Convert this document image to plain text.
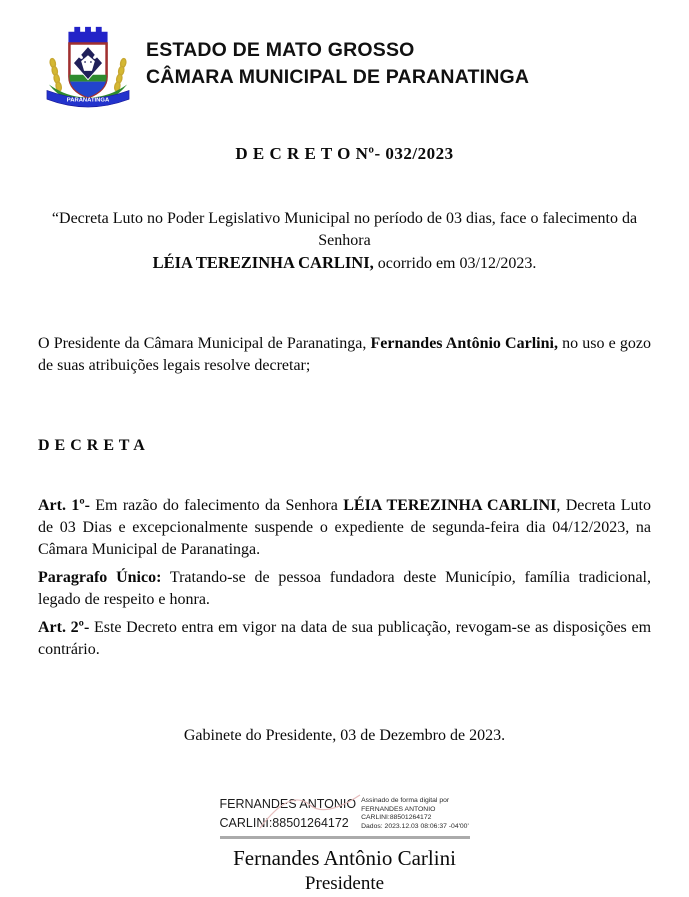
PARANATINGA
ESTADO DE MATO GROSSO
CÂMARA MUNICIPAL DE PARANATINGA
D E C R E T O Nº- 032/2023

“Decreta Luto no Poder Legislativo Municipal no período de 03 dias, face o falecimento da Senhora
LÉIA TEREZINHA CARLINI, ocorrido em 03/12/2023.

O Presidente da Câmara Municipal de Paranatinga, Fernandes Antônio Carlini, no uso e gozo de suas atribuições legais resolve decretar;

D E C R E T A

Art. 1º- Em razão do falecimento da Senhora LÉIA TEREZINHA CARLINI, Decreta Luto de 03 Dias e excepcionalmente suspende o expediente de segunda-feira dia 04/12/2023, na Câmara Municipal de Paranatinga.

Paragrafo Único: Tratando-se de pessoa fundadora deste Município, família tradicional, legado de respeito e honra.

Art. 2º- Este Decreto entra em vigor na data de sua publicação, revogam-se as disposições em contrário.

Gabinete do Presidente, 03 de Dezembro de 2023.
FERNANDES ANTONIO
CARLINI:88501264172
Assinado de forma digital por
FERNANDES ANTONIO
CARLINI:88501264172
Dados: 2023.12.03 08:06:37 -04'00'
Fernandes Antônio Carlini
Presidente
